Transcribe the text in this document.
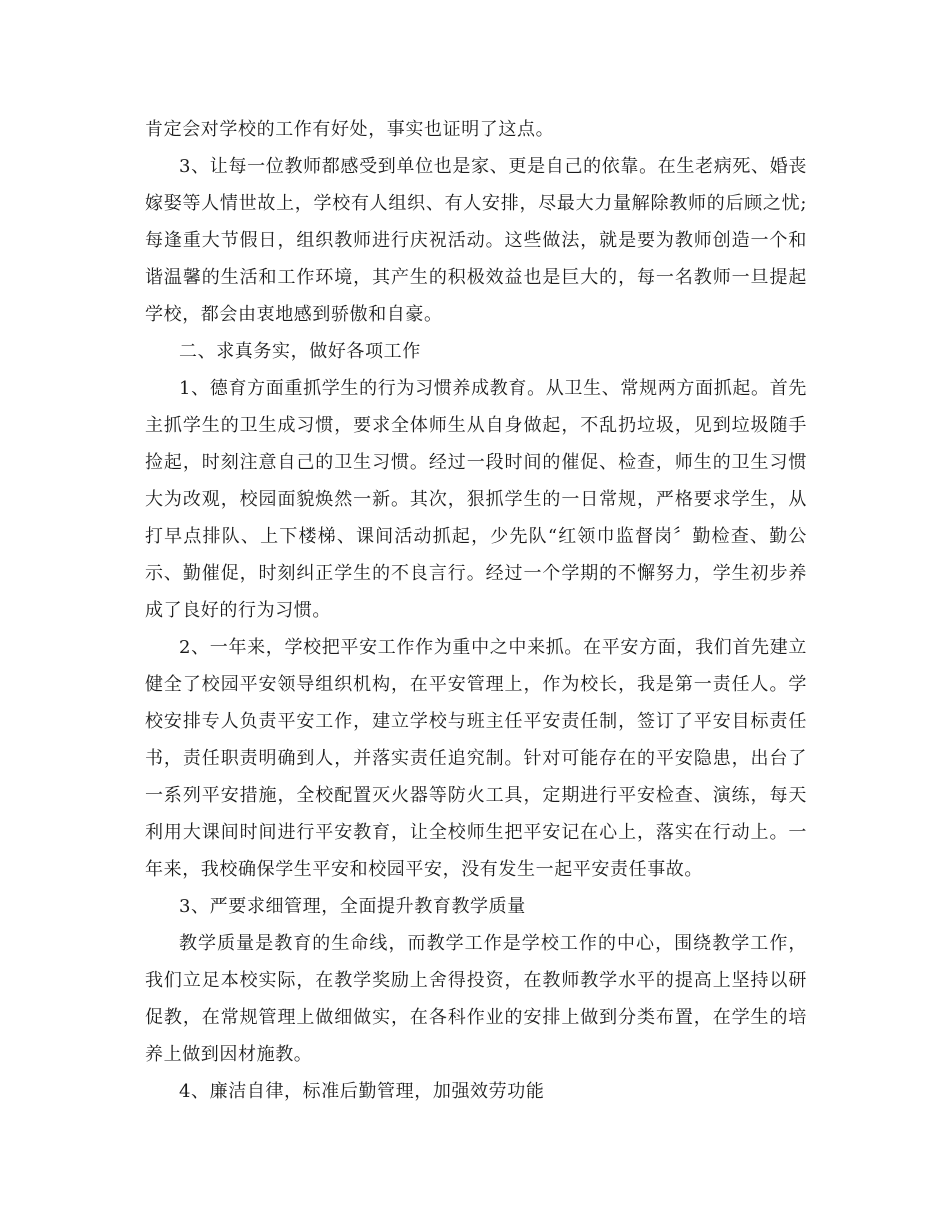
肯定会对学校的工作有好处，事实也证明了这点。

3、让每一位教师都感受到单位也是家、更是自己的依靠。在生老病死、婚丧嫁娶等人情世故上，学校有人组织、有人安排，尽最大力量解除教师的后顾之忧;每逢重大节假日，组织教师进行庆祝活动。这些做法，就是要为教师创造一个和谐温馨的生活和工作环境，其产生的积极效益也是巨大的，每一名教师一旦提起学校，都会由衷地感到骄傲和自豪。

二、求真务实，做好各项工作

1、德育方面重抓学生的行为习惯养成教育。从卫生、常规两方面抓起。首先主抓学生的卫生成习惯，要求全体师生从自身做起，不乱扔垃圾，见到垃圾随手捡起，时刻注意自己的卫生习惯。经过一段时间的催促、检查，师生的卫生习惯大为改观，校园面貌焕然一新。其次，狠抓学生的一日常规，严格要求学生，从打早点排队、上下楼梯、课间活动抓起，少先队“红领巾监督岗〞勤检查、勤公示、勤催促，时刻纠正学生的不良言行。经过一个学期的不懈努力，学生初步养成了良好的行为习惯。

2、一年来，学校把平安工作作为重中之中来抓。在平安方面，我们首先建立健全了校园平安领导组织机构，在平安管理上，作为校长，我是第一责任人。学校安排专人负责平安工作，建立学校与班主任平安责任制，签订了平安目标责任书，责任职责明确到人，并落实责任追究制。针对可能存在的平安隐患，出台了一系列平安措施，全校配置灭火器等防火工具，定期进行平安检查、演练，每天利用大课间时间进行平安教育，让全校师生把平安记在心上，落实在行动上。一年来，我校确保学生平安和校园平安，没有发生一起平安责任事故。

3、严要求细管理，全面提升教育教学质量

教学质量是教育的生命线，而教学工作是学校工作的中心，围绕教学工作，我们立足本校实际，在教学奖励上舍得投资，在教师教学水平的提高上坚持以研促教，在常规管理上做细做实，在各科作业的安排上做到分类布置，在学生的培养上做到因材施教。

4、廉洁自律，标准后勤管理，加强效劳功能
